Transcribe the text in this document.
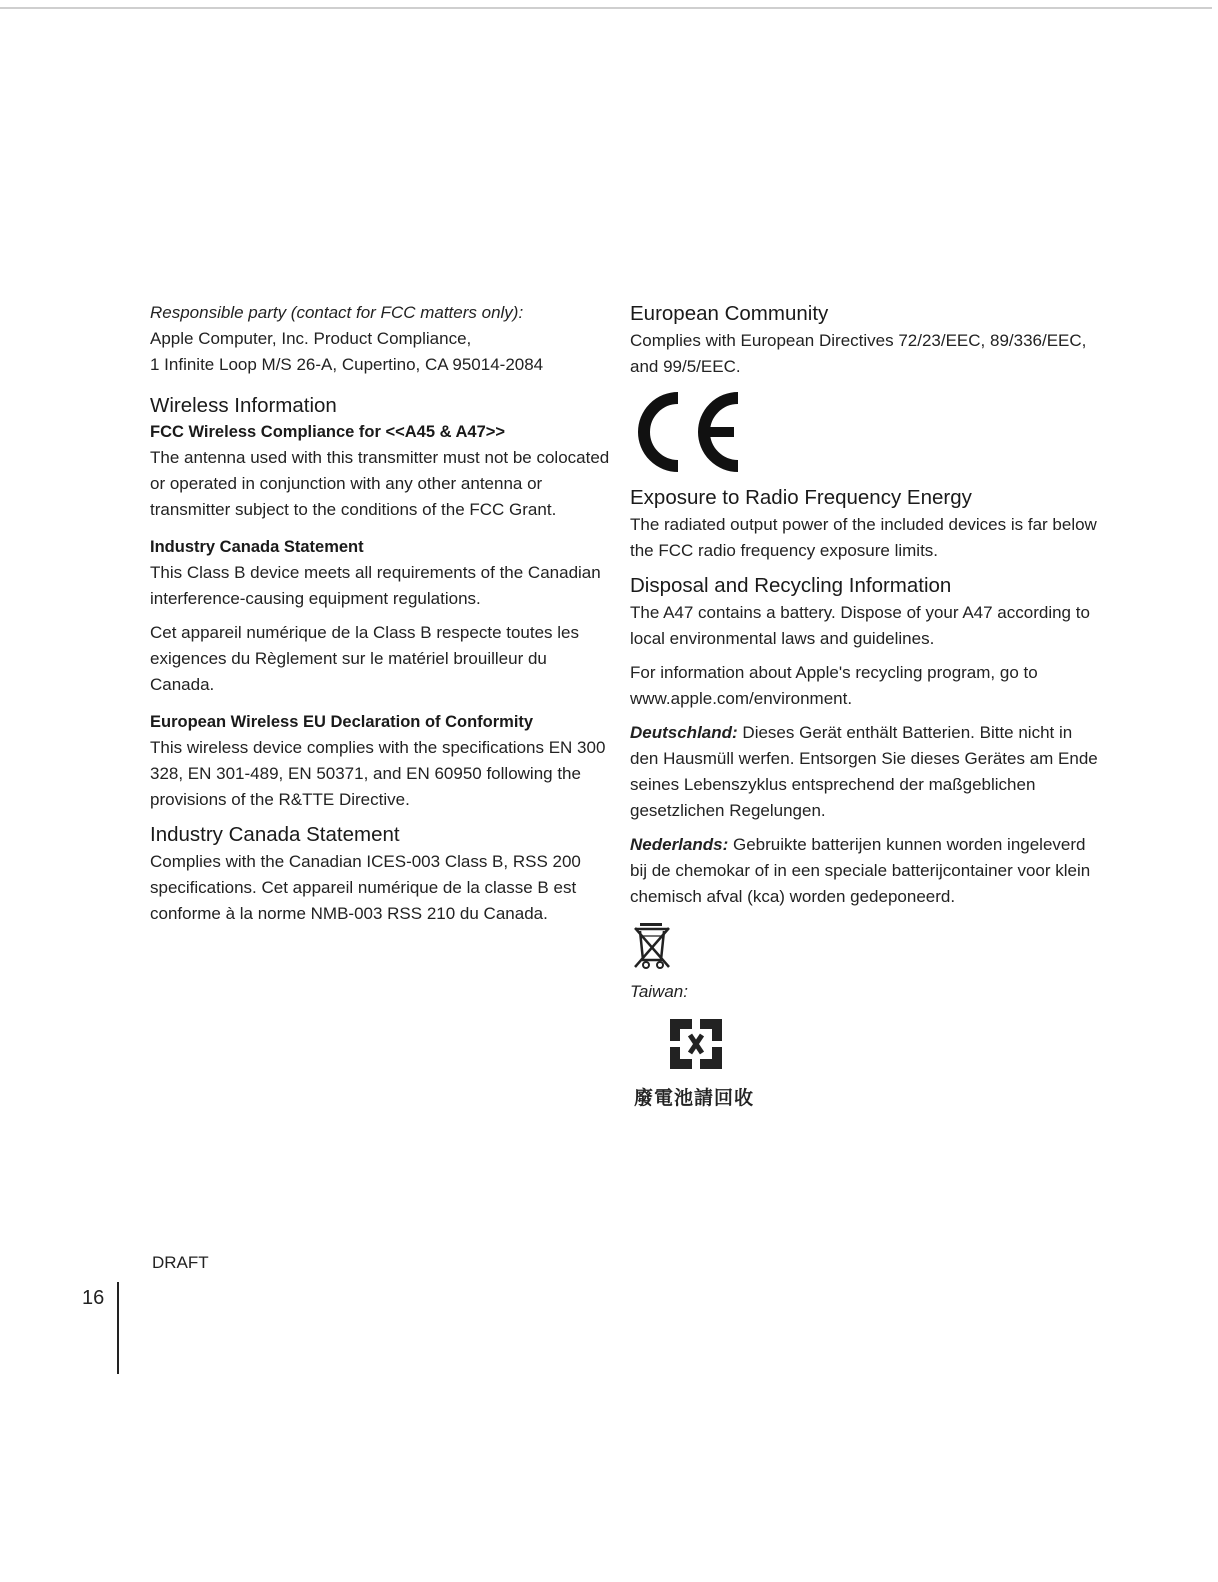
Responsible party (contact for FCC matters only):

Apple Computer, Inc. Product Compliance,

1 Infinite Loop M/S 26-A, Cupertino, CA 95014-2084

Wireless Information
FCC Wireless Compliance for <<A45 & A47>>

The antenna used with this transmitter must not be colocated or operated in conjunction with any other antenna or transmitter subject to the conditions of the FCC Grant.

Industry Canada Statement

This Class B device meets all requirements of the Canadian interference-causing equipment regulations.

Cet appareil numérique de la Class B respecte toutes les exigences du Règlement sur le matériel brouilleur du Canada.

European Wireless EU Declaration of Conformity

This wireless device complies with the specifications EN 300 328, EN 301-489, EN 50371, and EN 60950 following the provisions of the R&TTE Directive.

Industry Canada Statement

Complies with the Canadian ICES-003 Class B, RSS 200 specifications. Cet appareil numérique de la classe B est conforme à la norme NMB-003 RSS 210 du Canada.

European Community

Complies with European Directives 72/23/EEC, 89/336/EEC, and 99/5/EEC.

Exposure to Radio Frequency Energy

The radiated output power of the included devices is far below the FCC radio frequency exposure limits.

Disposal and Recycling Information

The A47 contains a battery. Dispose of your A47 according to local environmental laws and guidelines.

For information about Apple's recycling program, go to www.apple.com/environment.

Deutschland: Dieses Gerät enthält Batterien. Bitte nicht in den Hausmüll werfen. Entsorgen Sie dieses Gerätes am Ende seines Lebenszyklus entsprechend der maßgeblichen gesetzlichen Regelungen.

Nederlands: Gebruikte batterijen kunnen worden ingeleverd bij de chemokar of in een speciale batterijcontainer voor klein chemisch afval (kca) worden gedeponeerd.

Taiwan:

廢電池請回收
DRAFT
16
